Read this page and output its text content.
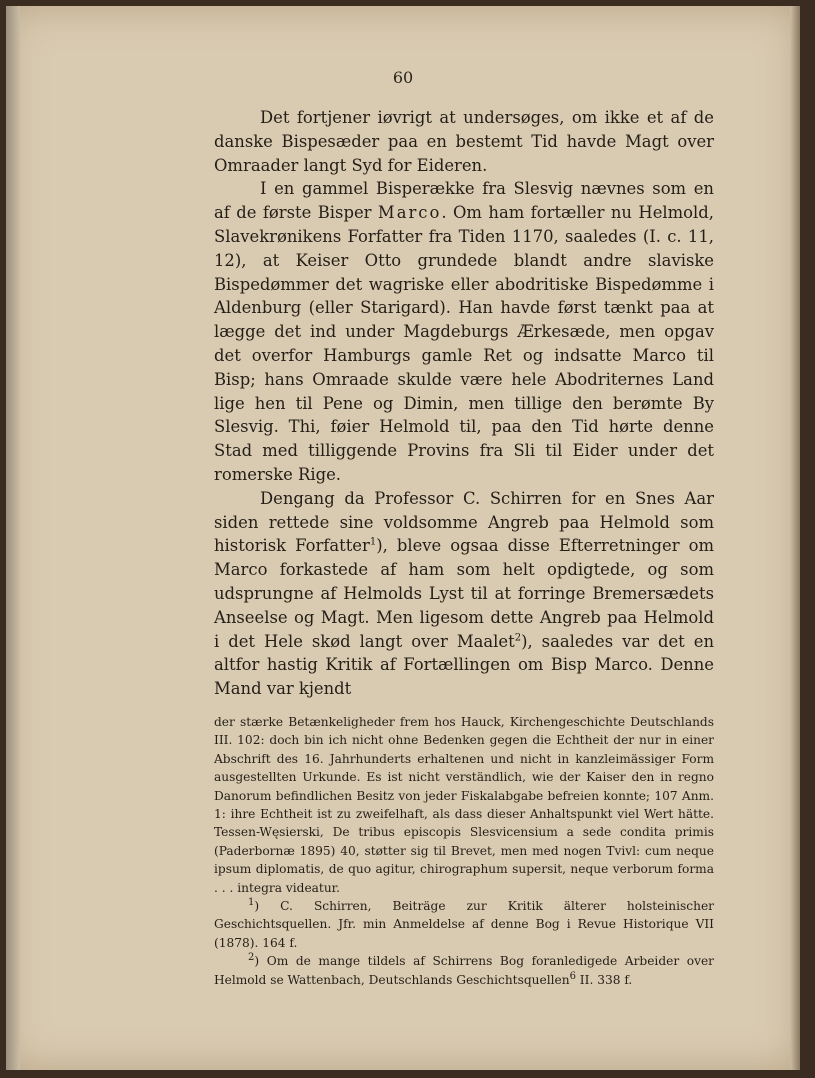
60

Det fortjener iøvrigt at undersøges, om ikke et af de danske Bispesæder paa en bestemt Tid havde Magt over Omraader langt Syd for Eideren.

I en gammel Bisperække fra Slesvig nævnes som en af de første Bisper Marco. Om ham fortæller nu Helmold, Slavekrønikens Forfatter fra Tiden 1170, saaledes (I. c. 11, 12), at Keiser Otto grundede blandt andre slaviske Bispedømmer det wagriske eller abodritiske Bispedømme i Aldenburg (eller Starigard). Han havde først tænkt paa at lægge det ind under Magdeburgs Ærkesæde, men opgav det overfor Hamburgs gamle Ret og indsatte Marco til Bisp; hans Omraade skulde være hele Abodriternes Land lige hen til Pene og Dimin, men tillige den berømte By Slesvig. Thi, føier Helmold til, paa den Tid hørte denne Stad med tilliggende Provins fra Sli til Eider under det romerske Rige.

Dengang da Professor C. Schirren for en Snes Aar siden rettede sine voldsomme Angreb paa Helmold som historisk Forfatter$^1$), bleve ogsaa disse Efterretninger om Marco forkastede af ham som helt opdigtede, og som udsprungne af Helmolds Lyst til at forringe Bremersædets Anseelse og Magt. Men ligesom dette Angreb paa Helmold i det Hele skød langt over Maalet$^2$), saaledes var det en altfor hastig Kritik af Fortællingen om Bisp Marco. Denne Mand var kjendt

der stærke Betænkeligheder frem hos Hauck, Kirchengeschichte Deutschlands III. 102: doch bin ich nicht ohne Bedenken gegen die Echtheit der nur in einer Abschrift des 16. Jahrhunderts erhaltenen und nicht in kanzleimässiger Form ausgestellten Urkunde. Es ist nicht verständlich, wie der Kaiser den in regno Danorum befindlichen Besitz von jeder Fiskalabgabe befreien konnte; 107 Anm. 1: ihre Echtheit ist zu zweifelhaft, als dass dieser Anhaltspunkt viel Wert hätte. Tessen-Węsierski, De tribus episcopis Slesvicensium a sede condita primis (Paderbornæ 1895) 40, støtter sig til Brevet, men med nogen Tvivl: cum neque ipsum diplomatis, de quo agitur, chirographum supersit, neque verborum forma . . . integra videatur.

$^1$) C. Schirren, Beiträge zur Kritik älterer holsteinischer Geschichtsquellen. Jfr. min Anmeldelse af denne Bog i Revue Historique VII (1878). 164 f.

$^2$) Om de mange tildels af Schirrens Bog foranledigede Arbeider over Helmold se Wattenbach, Deutschlands Geschichtsquellen$^6$ II. 338 f.
